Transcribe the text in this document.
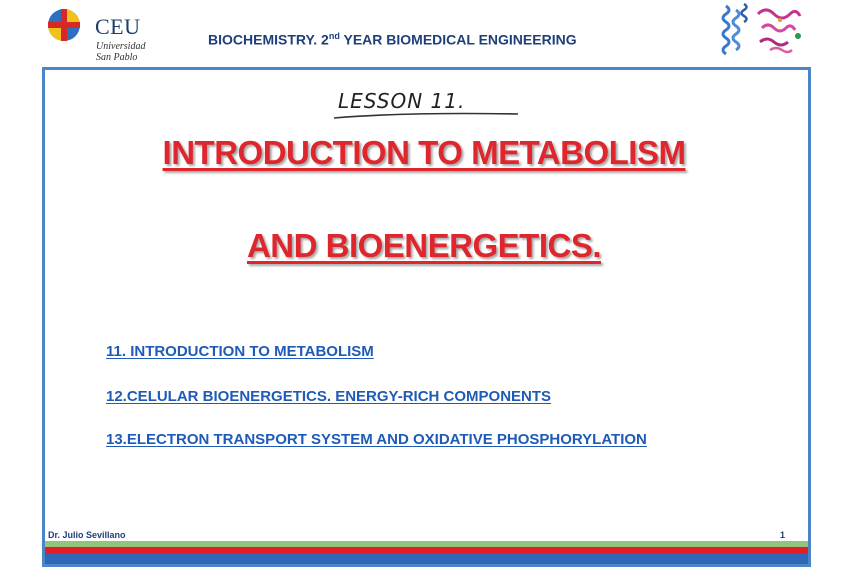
CEU
Universidad
San Pablo
BIOCHEMISTRY. 2nd YEAR BIOMEDICAL ENGINEERING
LESSON 11.
INTRODUCTION TO METABOLISM
AND BIOENERGETICS.
11. INTRODUCTION TO METABOLISM
12.CELULAR BIOENERGETICS. ENERGY-RICH COMPONENTS
13.ELECTRON TRANSPORT SYSTEM AND OXIDATIVE PHOSPHORYLATION
Dr. Julio Sevillano	1
